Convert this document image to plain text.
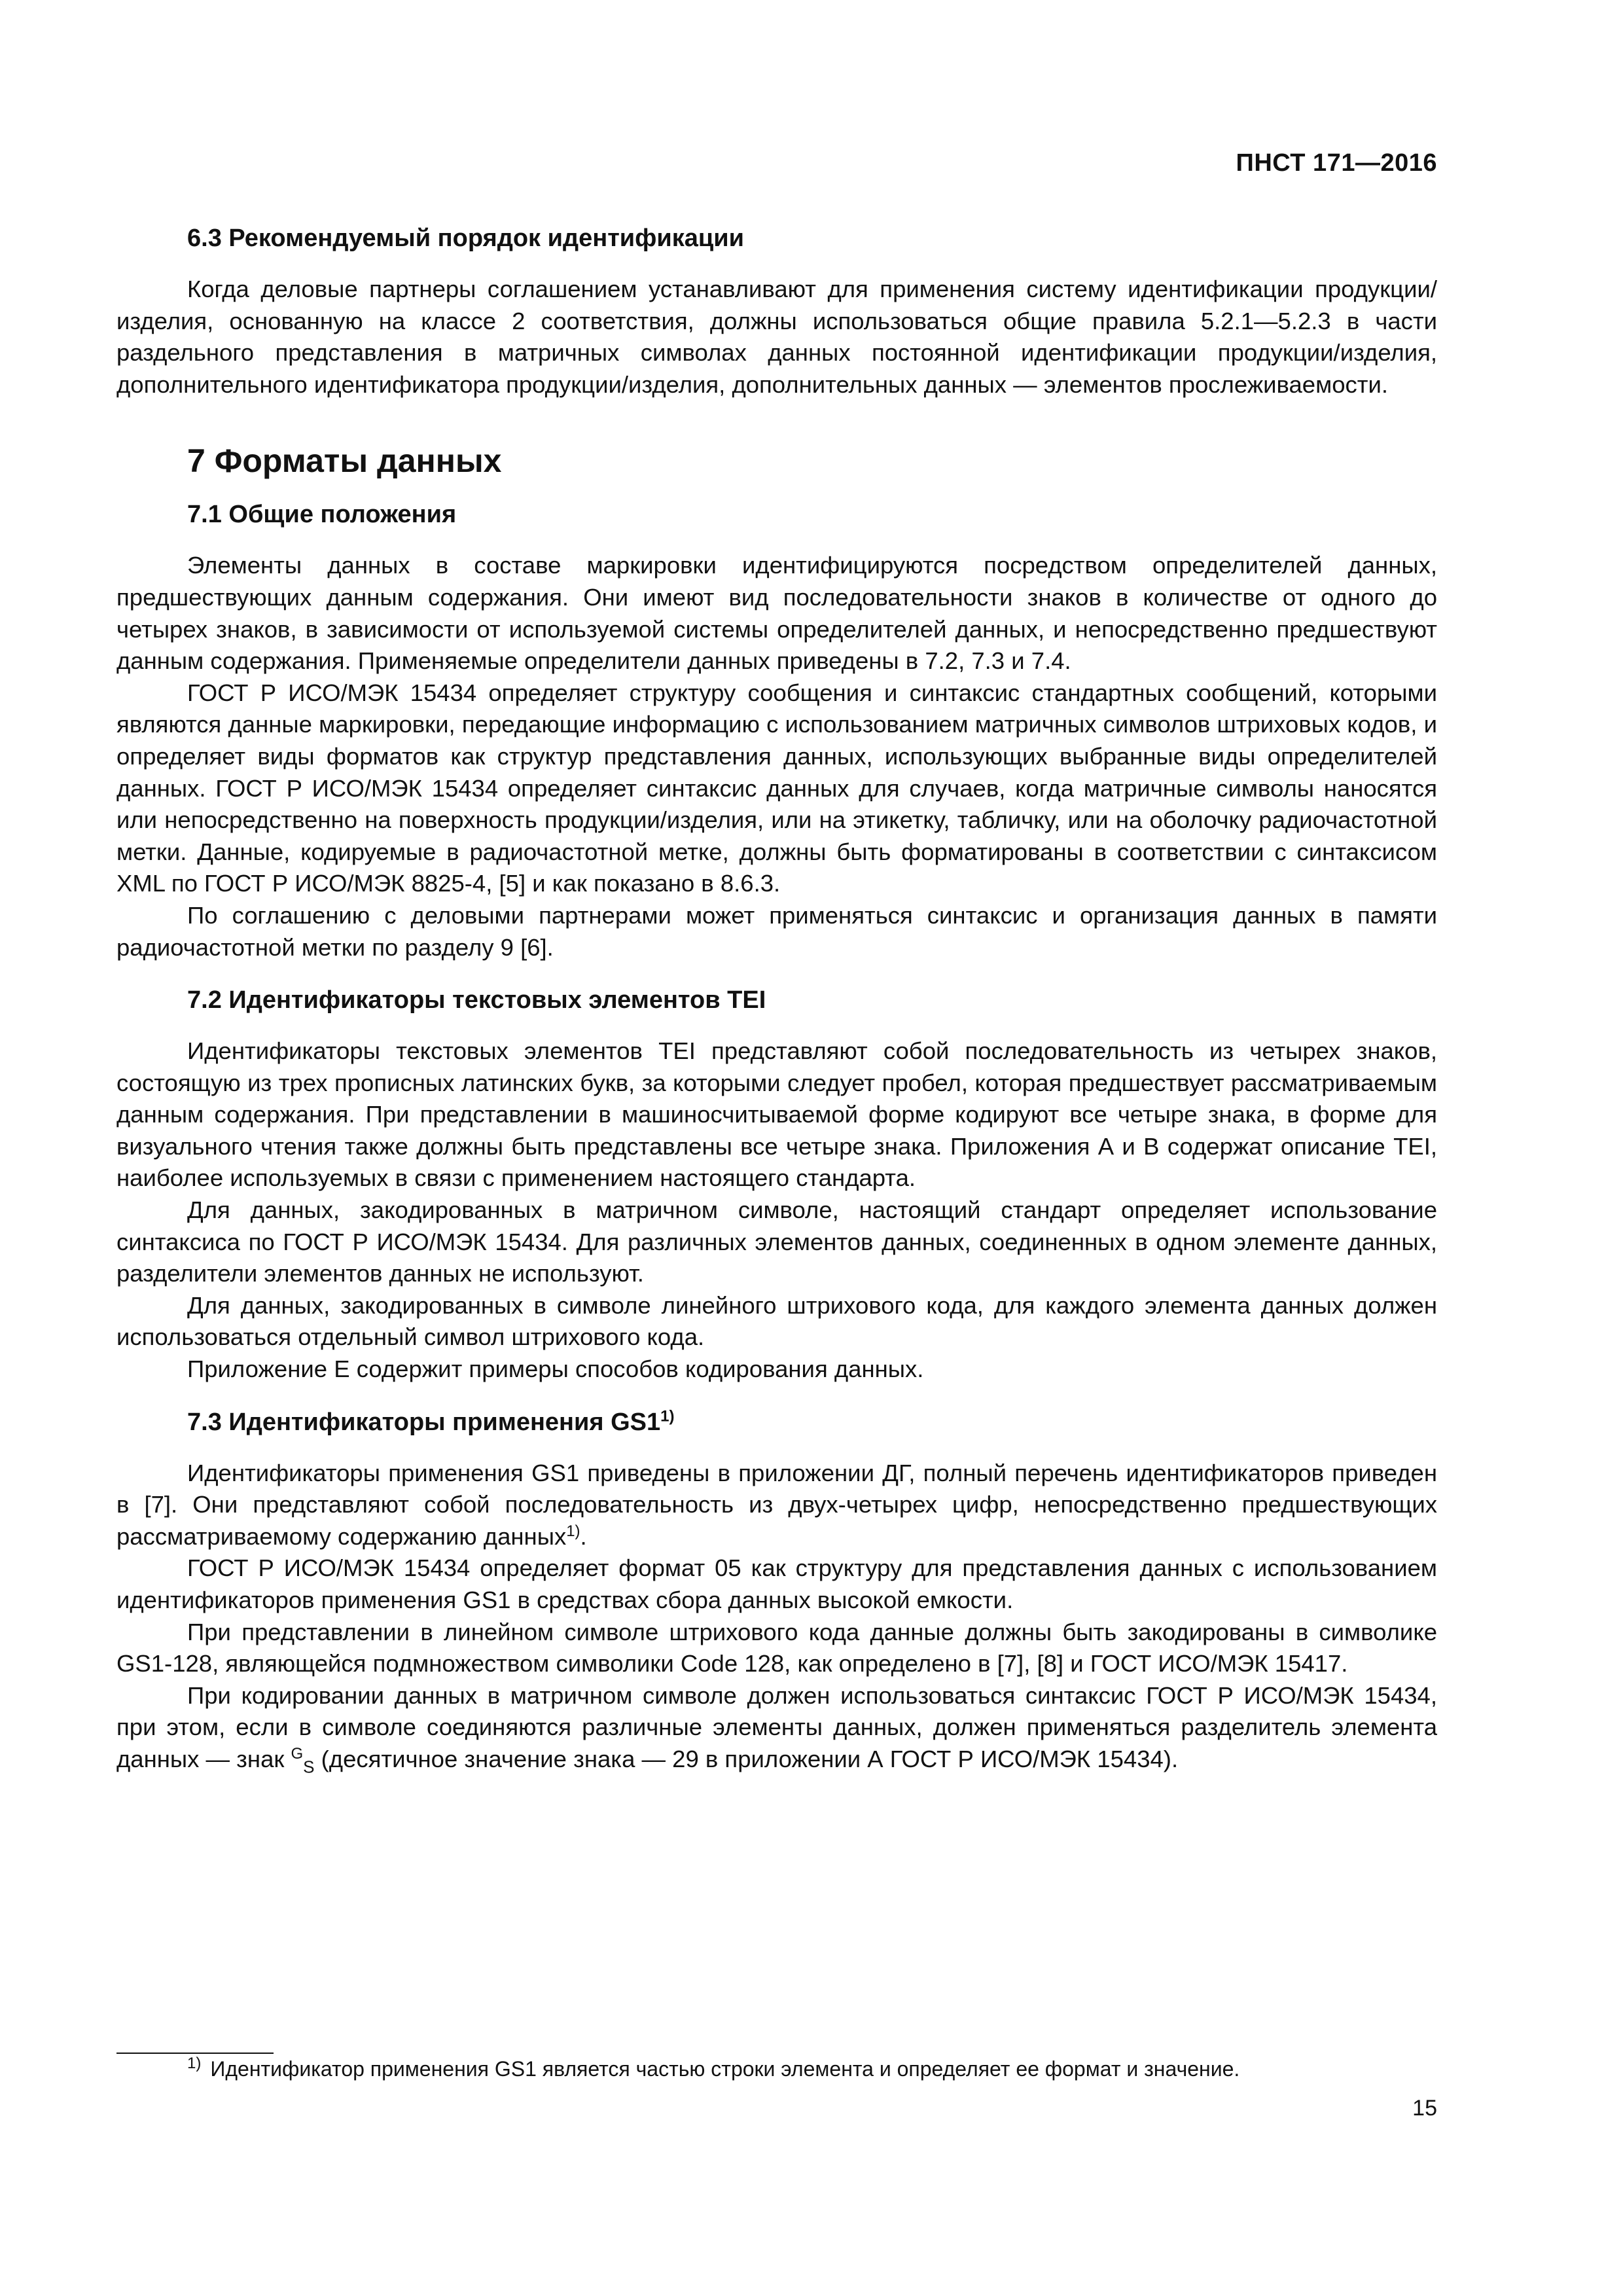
ПНСТ 171—2016
6.3 Рекомендуемый порядок идентификации

Когда деловые партнеры соглашением устанавливают для применения систему идентификации продукции/изделия, основанную на классе 2 соответствия, должны использоваться общие правила 5.2.1—5.2.3 в части раздельного представления в матричных символах данных постоянной идентификации продукции/изделия, дополнительного идентификатора продукции/изделия, дополнительных данных — элементов прослеживаемости.

7 Форматы данных
7.1 Общие положения

Элементы данных в составе маркировки идентифицируются посредством определителей данных, предшествующих данным содержания. Они имеют вид последовательности знаков в количестве от одного до четырех знаков, в зависимости от используемой системы определителей данных, и непосредственно предшествуют данным содержания. Применяемые определители данных приведены в 7.2, 7.3 и 7.4.

ГОСТ Р ИСО/МЭК 15434 определяет структуру сообщения и синтаксис стандартных сообщений, которыми являются данные маркировки, передающие информацию с использованием матричных символов штриховых кодов, и определяет виды форматов как структур представления данных, использующих выбранные виды определителей данных. ГОСТ Р ИСО/МЭК 15434 определяет синтаксис данных для случаев, когда матричные символы наносятся или непосредственно на поверхность продукции/изделия, или на этикетку, табличку, или на оболочку радиочастотной метки. Данные, кодируемые в радиочастотной метке, должны быть форматированы в соответствии с синтаксисом XML по ГОСТ Р ИСО/МЭК 8825-4, [5] и как показано в 8.6.3.

По соглашению с деловыми партнерами может применяться синтаксис и организация данных в памяти радиочастотной метки по разделу 9 [6].

7.2 Идентификаторы текстовых элементов TEI

Идентификаторы текстовых элементов TEI представляют собой последовательность из четырех знаков, состоящую из трех прописных латинских букв, за которыми следует пробел, которая предшествует рассматриваемым данным содержания. При представлении в машиносчитываемой форме кодируют все четыре знака, в форме для визуального чтения также должны быть представлены все четыре знака. Приложения А и В содержат описание TEI, наиболее используемых в связи с применением настоящего стандарта.

Для данных, закодированных в матричном символе, настоящий стандарт определяет использование синтаксиса по ГОСТ Р ИСО/МЭК 15434. Для различных элементов данных, соединенных в одном элементе данных, разделители элементов данных не используют.

Для данных, закодированных в символе линейного штрихового кода, для каждого элемента данных должен использоваться отдельный символ штрихового кода.

Приложение Е содержит примеры способов кодирования данных.

7.3 Идентификаторы применения GS1$^{1)}$

Идентификаторы применения GS1 приведены в приложении ДГ, полный перечень идентификаторов приведен в [7]. Они представляют собой последовательность из двух-четырех цифр, непосредственно предшествующих рассматриваемому содержанию данных$^{1)}$.

ГОСТ Р ИСО/МЭК 15434 определяет формат 05 как структуру для представления данных с использованием идентификаторов применения GS1 в средствах сбора данных высокой емкости.

При представлении в линейном символе штрихового кода данные должны быть закодированы в символике GS1-128, являющейся подмножеством символики Code 128, как определено в [7], [8] и ГОСТ ИСО/МЭК 15417.

При кодировании данных в матричном символе должен использоваться синтаксис ГОСТ Р ИСО/МЭК 15434, при этом, если в символе соединяются различные элементы данных, должен применяться разделитель элемента данных — знак $^G_S$ (десятичное значение знака — 29 в приложении А ГОСТ Р ИСО/МЭК 15434).

$^{1)}$ Идентификатор применения GS1 является частью строки элемента и определяет ее формат и значение.
15
